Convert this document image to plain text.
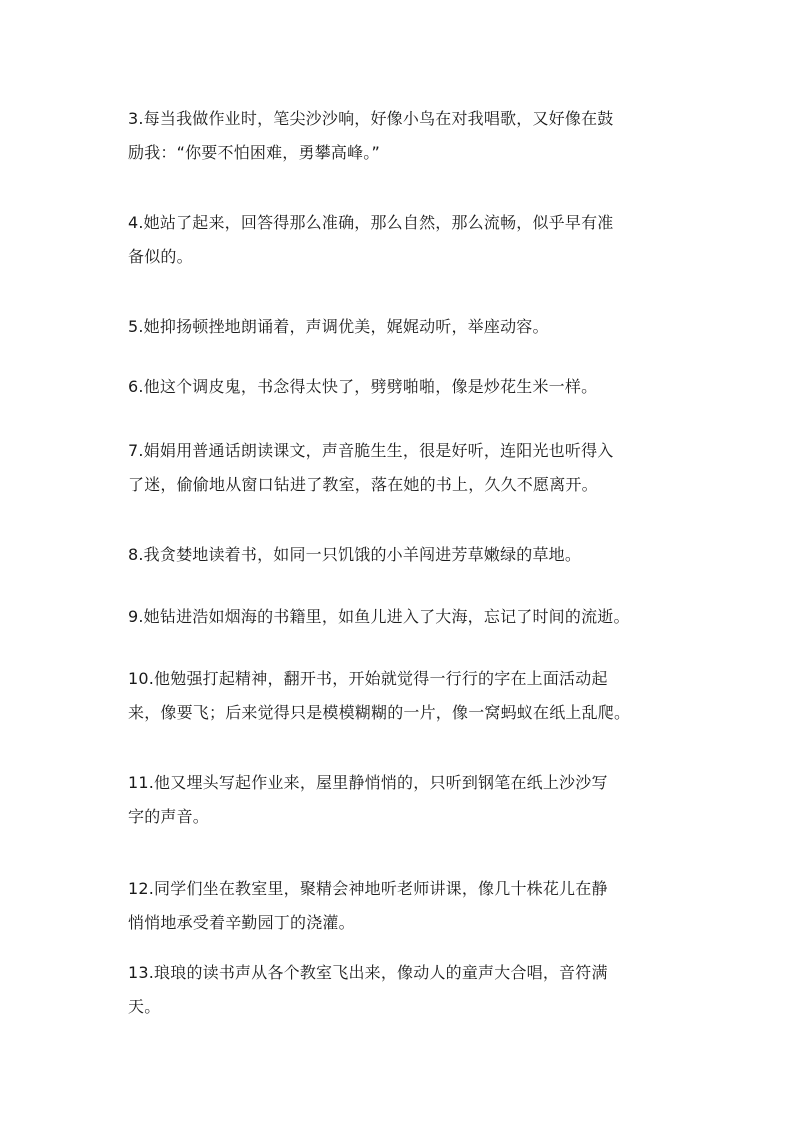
3.每当我做作业时，笔尖沙沙响，好像小鸟在对我唱歌，又好像在鼓
励我：“你要不怕困难，勇攀高峰。”
4.她站了起来，回答得那么准确，那么自然，那么流畅，似乎早有准
备似的。
5.她抑扬顿挫地朗诵着，声调优美，娓娓动听，举座动容。
6.他这个调皮鬼，书念得太快了，劈劈啪啪，像是炒花生米一样。
7.娟娟用普通话朗读课文，声音脆生生，很是好听，连阳光也听得入
了迷，偷偷地从窗口钻进了教室，落在她的书上，久久不愿离开。
8.我贪婪地读着书，如同一只饥饿的小羊闯进芳草嫩绿的草地。
9.她钻进浩如烟海的书籍里，如鱼儿进入了大海，忘记了时间的流逝。
10.他勉强打起精神，翻开书，开始就觉得一行行的字在上面活动起
来，像要飞；后来觉得只是模模糊糊的一片，像一窝蚂蚁在纸上乱爬。
11.他又埋头写起作业来，屋里静悄悄的，只听到钢笔在纸上沙沙写
字的声音。
12.同学们坐在教室里，聚精会神地听老师讲课，像几十株花儿在静
悄悄地承受着辛勤园丁的浇灌。
13.琅琅的读书声从各个教室飞出来，像动人的童声大合唱，音符满
天。
